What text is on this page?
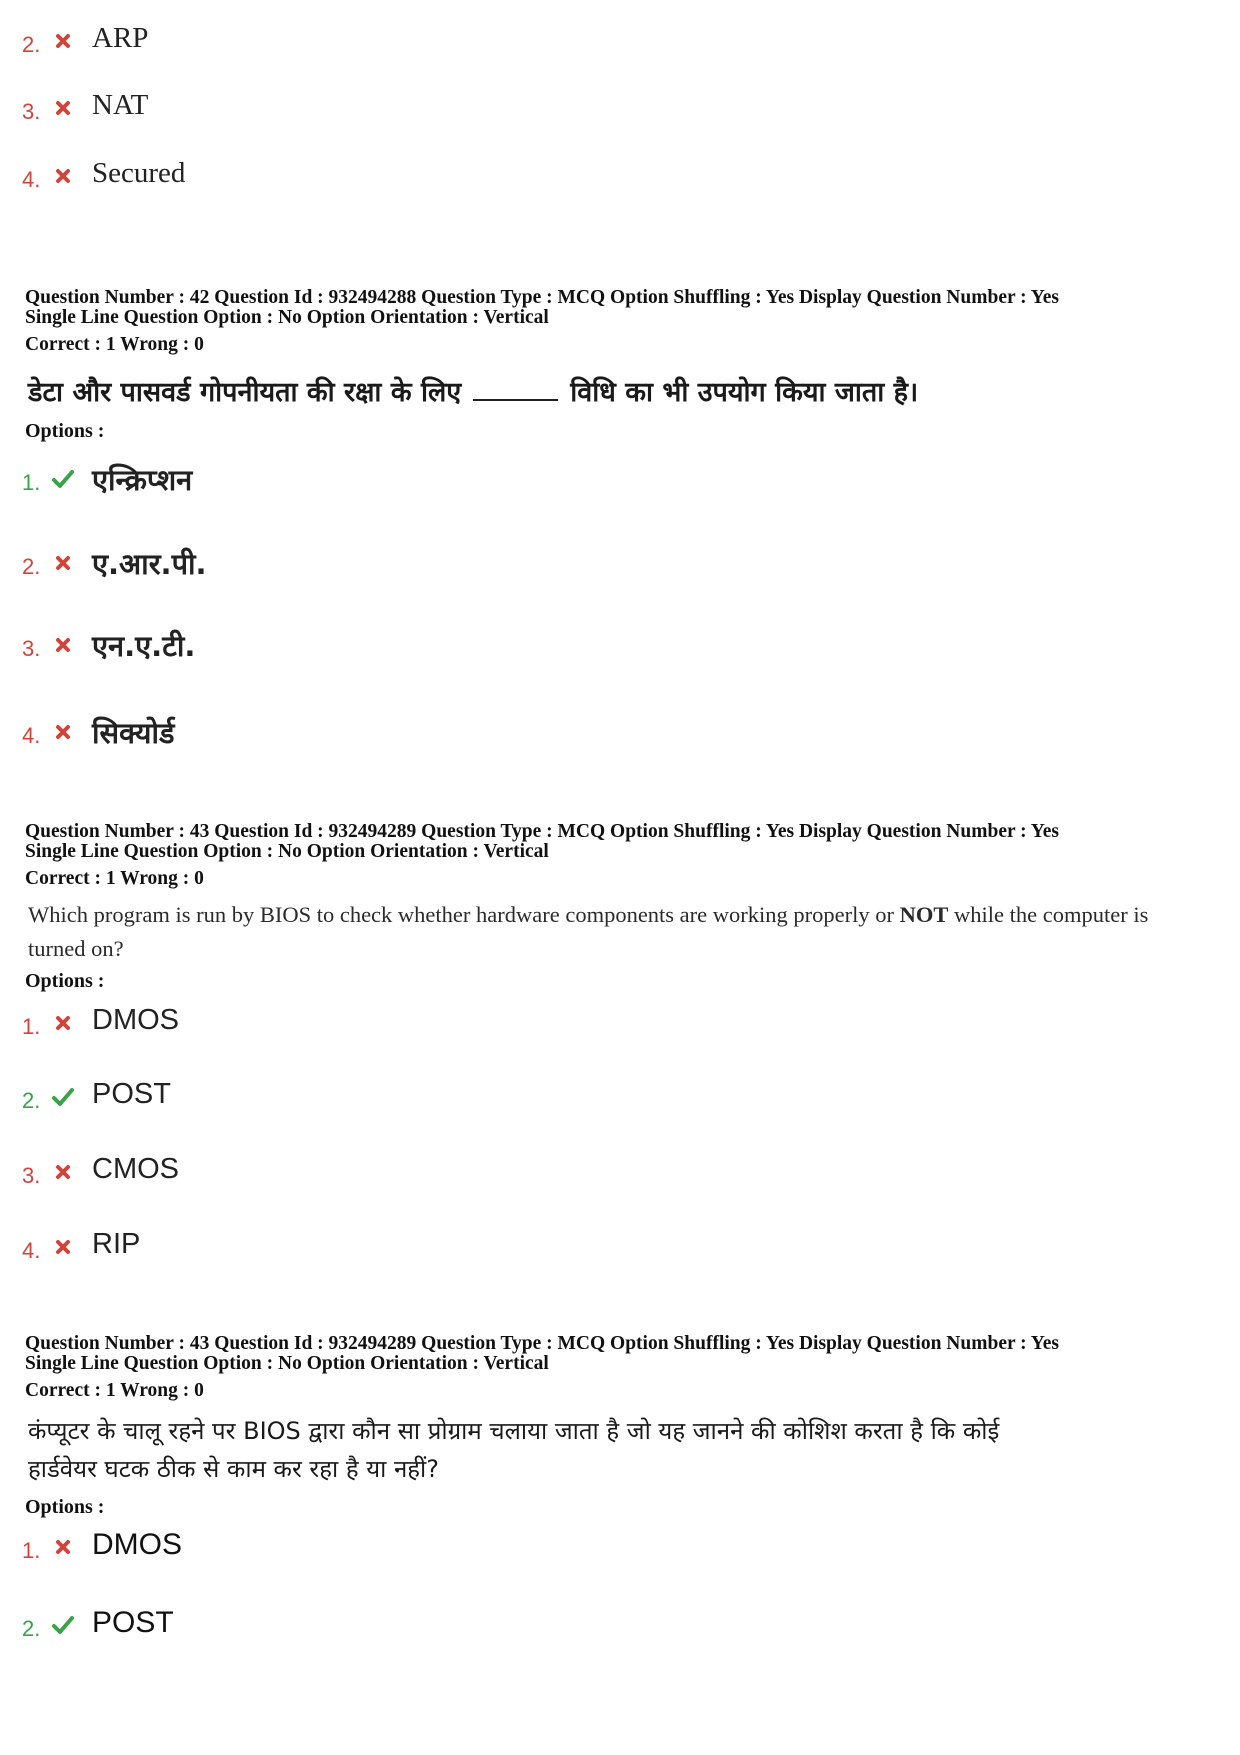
2. ARP
3. NAT
4. Secured
Question Number : 42 Question Id : 932494288 Question Type : MCQ Option Shuffling : Yes Display Question Number : Yes
Single Line Question Option : No Option Orientation : Vertical
Correct : 1 Wrong : 0
डेटा और पासवर्ड गोपनीयता की रक्षा के लिए	विधि का भी उपयोग किया जाता है।
Options :
1. एन्क्रिप्शन
2. ए.आर.पी.
3. एन.ए.टी.
4. सिक्योर्ड
Question Number : 43 Question Id : 932494289 Question Type : MCQ Option Shuffling : Yes Display Question Number : Yes
Single Line Question Option : No Option Orientation : Vertical
Correct : 1 Wrong : 0
Which program is run by BIOS to check whether hardware components are working properly or NOT while the computer is
turned on?
Options :
1. DMOS
2. POST
3. CMOS
4. RIP
Question Number : 43 Question Id : 932494289 Question Type : MCQ Option Shuffling : Yes Display Question Number : Yes
Single Line Question Option : No Option Orientation : Vertical
Correct : 1 Wrong : 0
कंप्यूटर के चालू रहने पर BIOS द्वारा कौन सा प्रोग्राम चलाया जाता है जो यह जानने की कोशिश करता है कि कोई
हार्डवेयर घटक ठीक से काम कर रहा है या नहीं?
Options :
1. DMOS
2. POST
